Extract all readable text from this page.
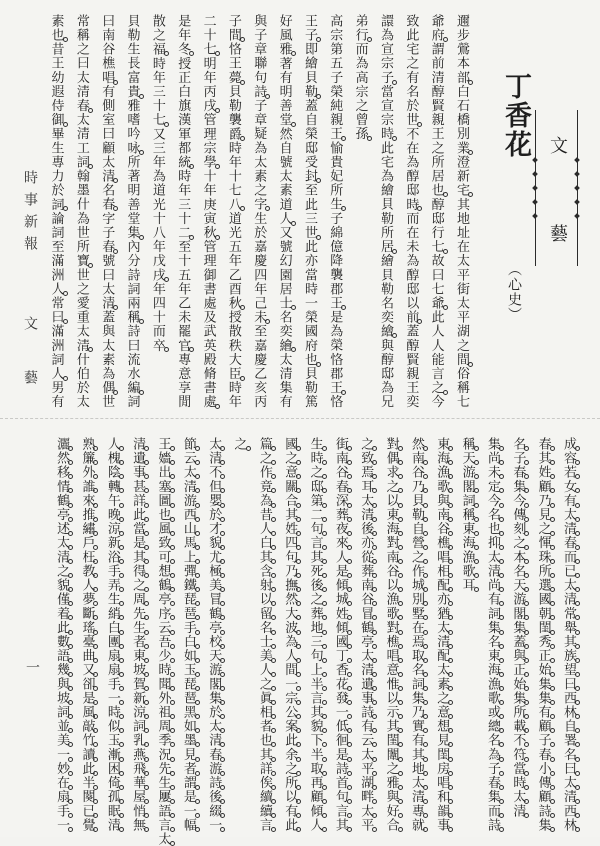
時事新報
文
藝
一
丁香花 文
藝
（心史）
邇步鶯本部白石橋別業澄新宅其地址在太平街太平湖之間俗稱七
爺府謂前清醇賢親王之所居也醇邸行七故曰七爺此人人能言之今
致此宅之有名於世不在為醇邸時而在未為醇邸以前蓋醇賢親王奕
譞為宣宗子當宣宗時此宅為繪貝勒所居繪貝勒名奕繪與醇邸為兄
弟行而為高宗之曾孫
高宗第五子榮純親王愉貴妃所生子綿億降襲郡王是為榮恪郡王恪
王子即繪貝勒蓋自榮邸受封至此三世此亦當時一榮國府也貝勒篤
好風雅著有明善堂然自號太素道人又號幻園居士名奕繪太清集有
與子章聯句詩子章疑為太素之字生於嘉慶四年己未至嘉慶乙亥丙
子間恪王薨貝勒襲爵時年十七八道光五年乙酉秋授散秩大臣時年
二十七明年丙戌管理宗學十年庚寅秋管理御書處及武英殿脩書處
是年冬授正白旗漢軍都統時年三十二至十五年乙未罷官專意享閒
散之福時年三十七又三年為道光十八年戊戌年四十而卒
貝勒生長富貴雅嗜吟咏所著明善堂集內分詩詞兩稱詩曰流水編詞
曰南谷樵唱有側室曰顧太清名春字子春號曰太清蓋與太素為偶世
常稱之曰太清春太清工詞翰墨什為世所寶世之愛重太清什伯於太
素也昔王幼遐侍御畢生專力於詞論詞至滿洲人常曰滿洲詞人男有
成容若女有太清春而已太清常舉其族望曰西林自署名曰太清西林
春其姓顧乃見之惲珠所選國朝閨秀正始集集有顧子春小傳顧詩集
名子春集今傳刻之本名天游閣集蓋與正始集所載不符當時太清
集尚未定今名也抑太清尚有詞集名東海漁歌或總名為子春集而詩
稱天游閣詞稱東海漁歌耳
東海漁歌與南谷樵唱相配亦猶太清配太素之意想見閨房唱和韻事
然南谷乃貝勒自營之作城別墅在焉取名詞集乃實有其地太清專就
對偶求之以東海對南谷以漁歌對樵唱意惟以示其閨闈之雅與好合
之致焉耳太清後亦從葬南谷冒鶴亭太清遺事詩有云太平湖畔太平
街南谷春深葬夜來人是傾城姓傾國丁香花發一低徊是詩首句言其
生時之邸第二句言其死後之葬地三句上半言其貌下半取再顧傾人
國之意關合其姓四句乃撫然大波為人間一宗公案此余之所以有此
篇之作竟為昔人白其含射以留名士美人之眞相者也其詳俟續續言
之
太清不但嬰於才貌尤極美冒鶴亭校天游閣集於太清春游詩後綴一
節云太清游西山馬上彈鐵琵琶手白如玉琵琶黑如墨見者謂是一幅
王嬙出塞圖也風致可想鶴亭序云吾少時聞外祖周季況先生屢語言太
清遺事甚詳此當是其得之周先生者東坡賀新涼詞乳燕飛華屋悄無
人槐陰轉午晚涼新浴手弄生綃白團扇扇手一時似玉漸困倚孤眠清
熟簾外誰來推繡戶枉教人夢斷瑤臺曲又卻是風敲竹讀此半闋已覺
灑然移情鶴亭述太清之貌僅着此數語幾與坡詞並美一妙在扇手一
